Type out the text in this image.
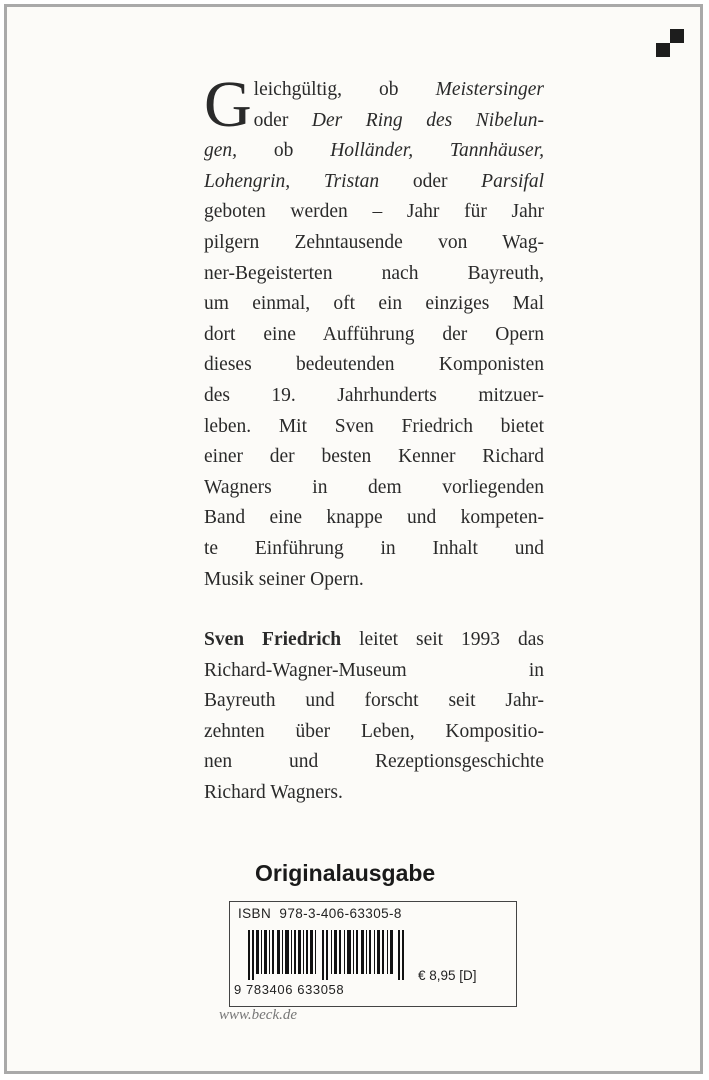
G leichgültig, ob Meistersinger
oder Der Ring des Nibelun-
gen, ob Holländer, Tannhäuser,
Lohengrin, Tristan oder Parsifal
geboten werden – Jahr für Jahr
pilgern Zehntausende von Wag-
ner-Begeisterten nach Bayreuth,
um einmal, oft ein einziges Mal
dort eine Aufführung der Opern
dieses bedeutenden Komponisten
des 19. Jahrhunderts mitzuer-
leben. Mit Sven Friedrich bietet
einer der besten Kenner Richard
Wagners in dem vorliegenden
Band eine knappe und kompeten-
te Einführung in Inhalt und
Musik seiner Opern.
Sven Friedrich leitet seit 1993 das
Richard-Wagner-Museum in
Bayreuth und forscht seit Jahr-
zehnten über Leben, Kompositio-
nen und Rezeptionsgeschichte
Richard Wagners.
Originalausgabe
ISBN 978-3-406-63305-8
9 783406 633058
€ 8,95 [D]
www.beck.de
